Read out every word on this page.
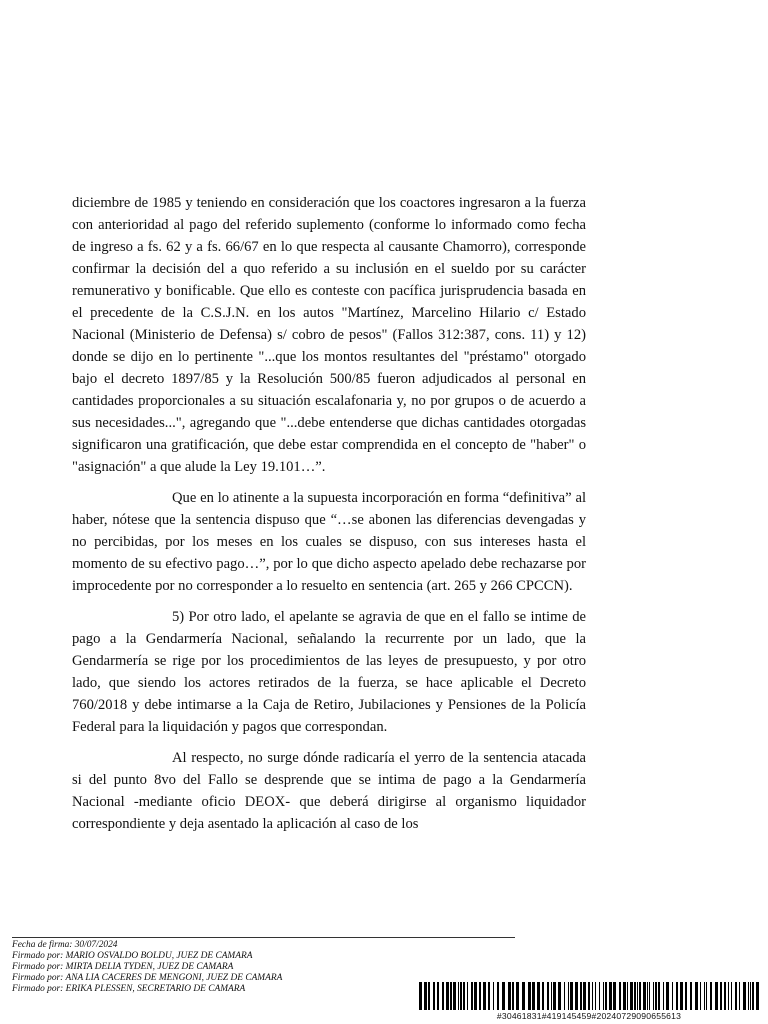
diciembre de 1985 y teniendo en consideración que los coactores ingresaron a la fuerza con anterioridad al pago del referido suplemento (conforme lo informado como fecha de ingreso a fs. 62 y a fs. 66/67 en lo que respecta al causante Chamorro), corresponde confirmar la decisión del a quo referido a su inclusión en el sueldo por su carácter remunerativo y bonificable. Que ello es conteste con pacífica jurisprudencia basada en el precedente de la C.S.J.N. en los autos "Martínez, Marcelino Hilario c/ Estado Nacional (Ministerio de Defensa) s/ cobro de pesos" (Fallos 312:387, cons. 11) y 12) donde se dijo en lo pertinente "...que los montos resultantes del "préstamo" otorgado bajo el decreto 1897/85 y la Resolución 500/85 fueron adjudicados al personal en cantidades proporcionales a su situación escalafonaria y, no por grupos o de acuerdo a sus necesidades...", agregando que "...debe entenderse que dichas cantidades otorgadas significaron una gratificación, que debe estar comprendida en el concepto de "haber" o "asignación" a que alude la Ley 19.101…”.

Que en lo atinente a la supuesta incorporación en forma “definitiva” al haber, nótese que la sentencia dispuso que “…se abonen las diferencias devengadas y no percibidas, por los meses en los cuales se dispuso, con sus intereses hasta el momento de su efectivo pago…”, por lo que dicho aspecto apelado debe rechazarse por improcedente por no corresponder a lo resuelto en sentencia (art. 265 y 266 CPCCN).

5) Por otro lado, el apelante se agravia de que en el fallo se intime de pago a la Gendarmería Nacional, señalando la recurrente por un lado, que la Gendarmería se rige por los procedimientos de las leyes de presupuesto, y por otro lado, que siendo los actores retirados de la fuerza, se hace aplicable el Decreto 760/2018 y debe intimarse a la Caja de Retiro, Jubilaciones y Pensiones de la Policía Federal para la liquidación y pagos que correspondan.

Al respecto, no surge dónde radicaría el yerro de la sentencia atacada si del punto 8vo del Fallo se desprende que se intima de pago a la Gendarmería Nacional -mediante oficio DEOX- que deberá dirigirse al organismo liquidador correspondiente y deja asentado la aplicación al caso de los

Fecha de firma: 30/07/2024
Firmado por: MARIO OSVALDO BOLDU, JUEZ DE CAMARA
Firmado por: MIRTA DELIA TYDEN, JUEZ DE CAMARA
Firmado por: ANA LIA CACERES DE MENGONI, JUEZ DE CAMARA
Firmado por: ERIKA PLESSEN, SECRETARIO DE CAMARA
#30461831#419145459#20240729090655613
